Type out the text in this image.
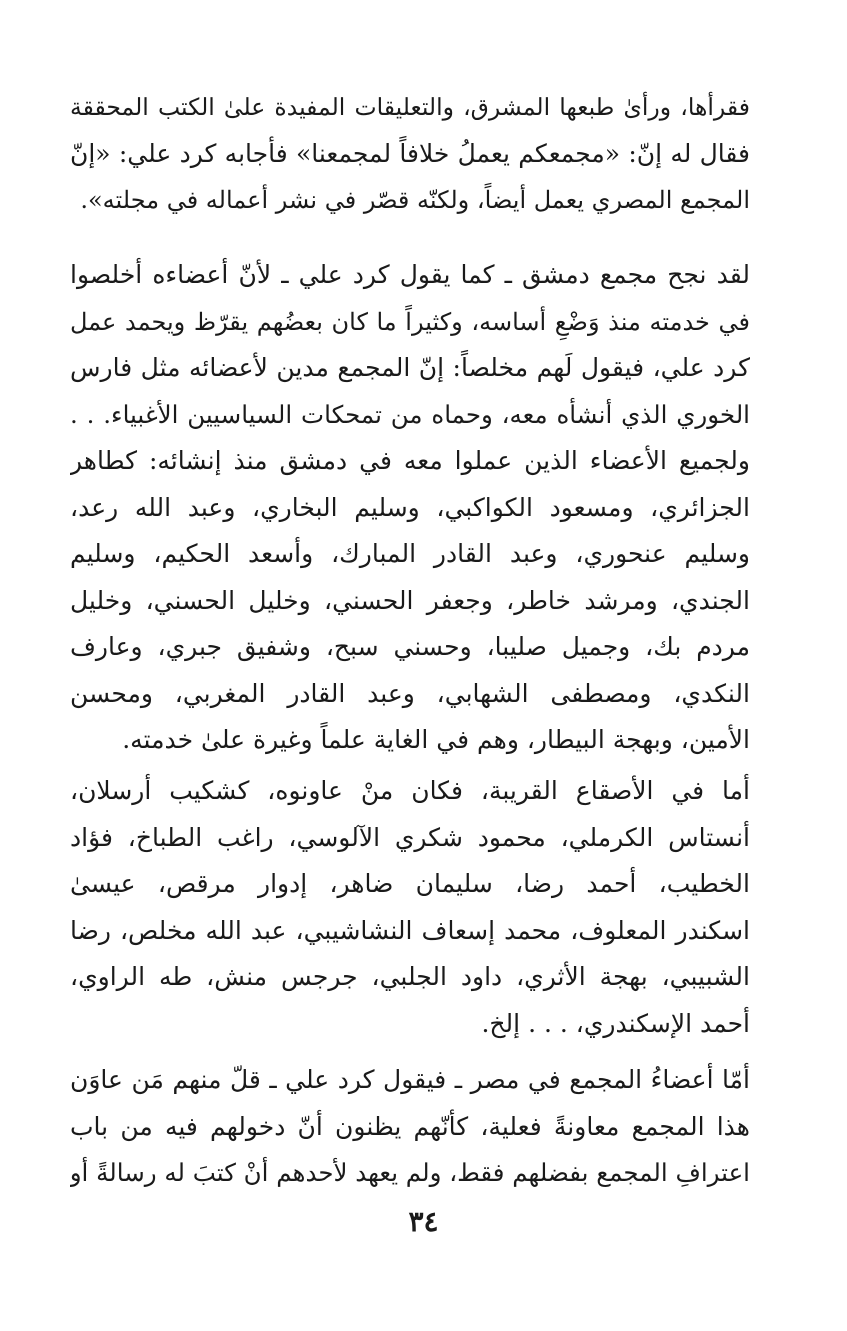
فقرأها، ورأىٰ طبعها المشرق، والتعليقات المفيدة علىٰ الكتب المحققة
فقال له إنّ: «مجمعكم يعملُ خلافاً لمجمعنا» فأجابه كرد علي: «إنّ
المجمع المصري يعمل أيضاً، ولكنّه قصّر في نشر أعماله في مجلته».
لقد نجح مجمع دمشق ـ كما يقول كرد علي ـ لأنّ أعضاءه أخلصوا
في خدمته منذ وَضْعِ أساسه، وكثيراً ما كان بعضُهم يقرّظ ويحمد عمل
كرد علي، فيقول لَهم مخلصاً: إنّ المجمع مدين لأعضائه مثل فارس
الخوري الذي أنشأه معه، وحماه من تمحكات السياسيين الأغبياء. . .
ولجميع الأعضاء الذين عملوا معه في دمشق منذ إنشائه: كطاهر
الجزائري، ومسعود الكواكبي، وسليم البخاري، وعبد الله رعد،
وسليم عنحوري، وعبد القادر المبارك، وأسعد الحكيم، وسليم
الجندي، ومرشد خاطر، وجعفر الحسني، وخليل الحسني، وخليل
مردم بك، وجميل صليبا، وحسني سبح، وشفيق جبري، وعارف
النكدي، ومصطفى الشهابي، وعبد القادر المغربي، ومحسن
الأمين، وبهجة البيطار، وهم في الغاية علماً وغيرة علىٰ خدمته.
أما في الأصقاع القريبة، فكان منْ عاونوه، كشكيب أرسلان،
أنستاس الكرملي، محمود شكري الآلوسي، راغب الطباخ، فؤاد
الخطيب، أحمد رضا، سليمان ضاهر، إدوار مرقص، عيسىٰ
اسكندر المعلوف، محمد إسعاف النشاشيبي، عبد الله مخلص، رضا
الشبيبي، بهجة الأثري، داود الجلبي، جرجس منش، طه الراوي،
أحمد الإسكندري، . . . إلخ.
أمّا أعضاءُ المجمع في مصر ـ فيقول كرد علي ـ قلّ منهم مَن عاوَن
هذا المجمع معاونةً فعلية، كأنّهم يظنون أنّ دخولهم فيه من باب
اعترافِ المجمع بفضلهم فقط، ولم يعهد لأحدهم أنْ كتبَ له رسالةً أو
٣٤
